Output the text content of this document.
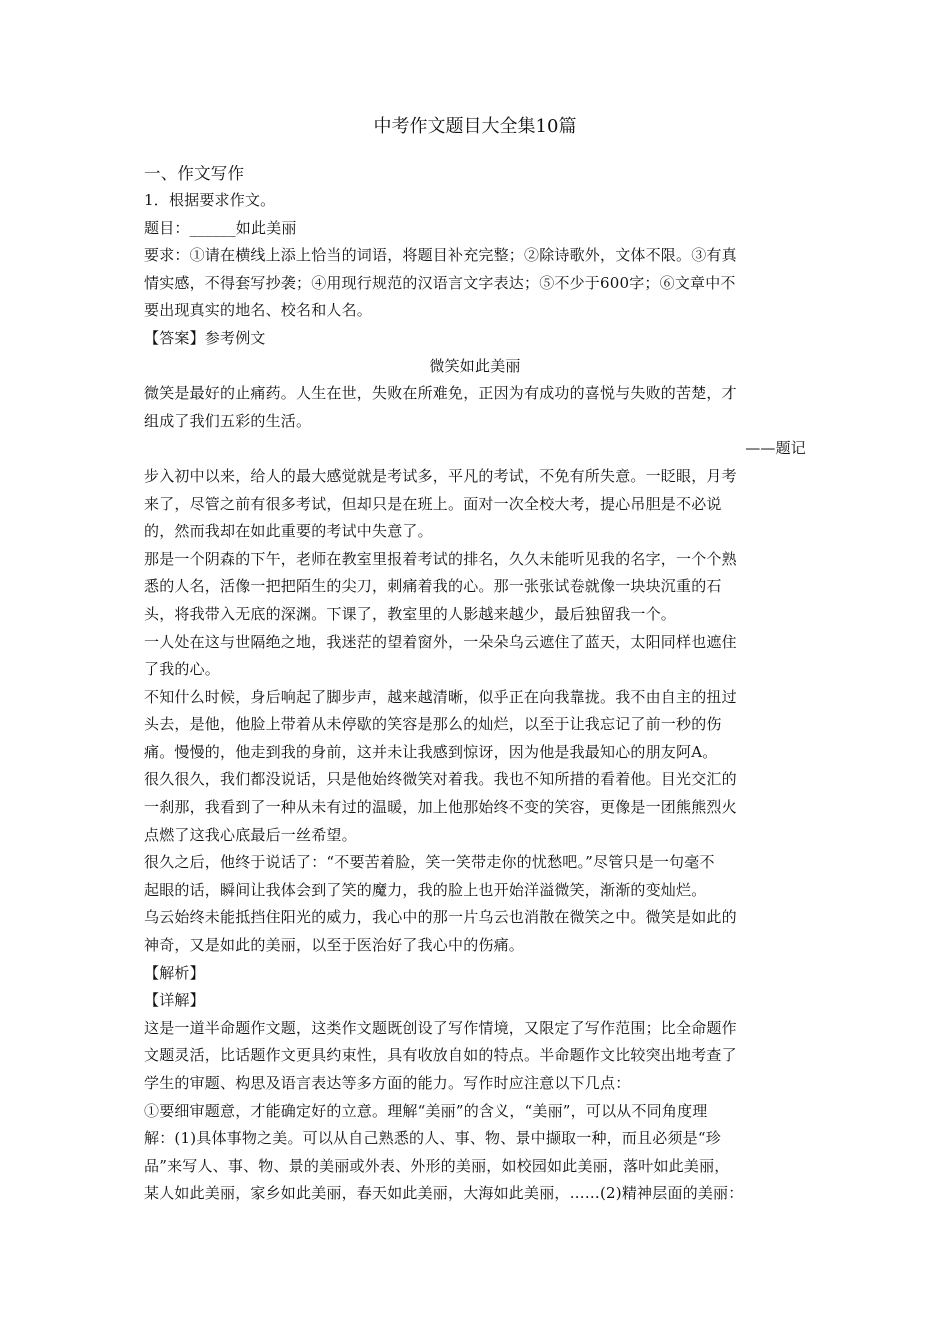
中考作文题目大全集10篇
一、作文写作
1．根据要求作文。
题目：______如此美丽
要求：①请在横线上添上恰当的词语，将题目补充完整；②除诗歌外，文体不限。③有真
情实感，不得套写抄袭；④用现行规范的汉语言文字表达；⑤不少于600字；⑥文章中不
要出现真实的地名、校名和人名。
【答案】参考例文
微笑如此美丽
微笑是最好的止痛药。人生在世，失败在所难免，正因为有成功的喜悦与失败的苦楚，才
组成了我们五彩的生活。
——题记
步入初中以来，给人的最大感觉就是考试多，平凡的考试，不免有所失意。一眨眼，月考
来了，尽管之前有很多考试，但却只是在班上。面对一次全校大考，提心吊胆是不必说
的，然而我却在如此重要的考试中失意了。
那是一个阴森的下午，老师在教室里报着考试的排名，久久未能听见我的名字，一个个熟
悉的人名，活像一把把陌生的尖刀，刺痛着我的心。那一张张试卷就像一块块沉重的石
头，将我带入无底的深渊。下课了，教室里的人影越来越少，最后独留我一个。
一人处在这与世隔绝之地，我迷茫的望着窗外，一朵朵乌云遮住了蓝天，太阳同样也遮住
了我的心。
不知什么时候，身后响起了脚步声，越来越清晰，似乎正在向我靠拢。我不由自主的扭过
头去，是他，他脸上带着从未停歇的笑容是那么的灿烂，以至于让我忘记了前一秒的伤
痛。慢慢的，他走到我的身前，这并未让我感到惊讶，因为他是我最知心的朋友阿A。
很久很久，我们都没说话，只是他始终微笑对着我。我也不知所措的看着他。目光交汇的
一刹那，我看到了一种从未有过的温暖，加上他那始终不变的笑容，更像是一团熊熊烈火
点燃了这我心底最后一丝希望。
很久之后，他终于说话了：“不要苦着脸，笑一笑带走你的忧愁吧。”尽管只是一句毫不
起眼的话，瞬间让我体会到了笑的魔力，我的脸上也开始洋溢微笑，渐渐的变灿烂。
乌云始终未能抵挡住阳光的威力，我心中的那一片乌云也消散在微笑之中。微笑是如此的
神奇，又是如此的美丽，以至于医治好了我心中的伤痛。
【解析】
【详解】
这是一道半命题作文题，这类作文题既创设了写作情境，又限定了写作范围；比全命题作
文题灵活，比话题作文更具约束性，具有收放自如的特点。半命题作文比较突出地考查了
学生的审题、构思及语言表达等多方面的能力。写作时应注意以下几点：
①要细审题意，才能确定好的立意。理解“美丽”的含义，“美丽”，可以从不同角度理
解：(1)具体事物之美。可以从自己熟悉的人、事、物、景中撷取一种，而且必须是“珍
品”来写人、事、物、景的美丽或外表、外形的美丽，如校园如此美丽，落叶如此美丽，
某人如此美丽，家乡如此美丽，春天如此美丽，大海如此美丽，……(2)精神层面的美丽：
